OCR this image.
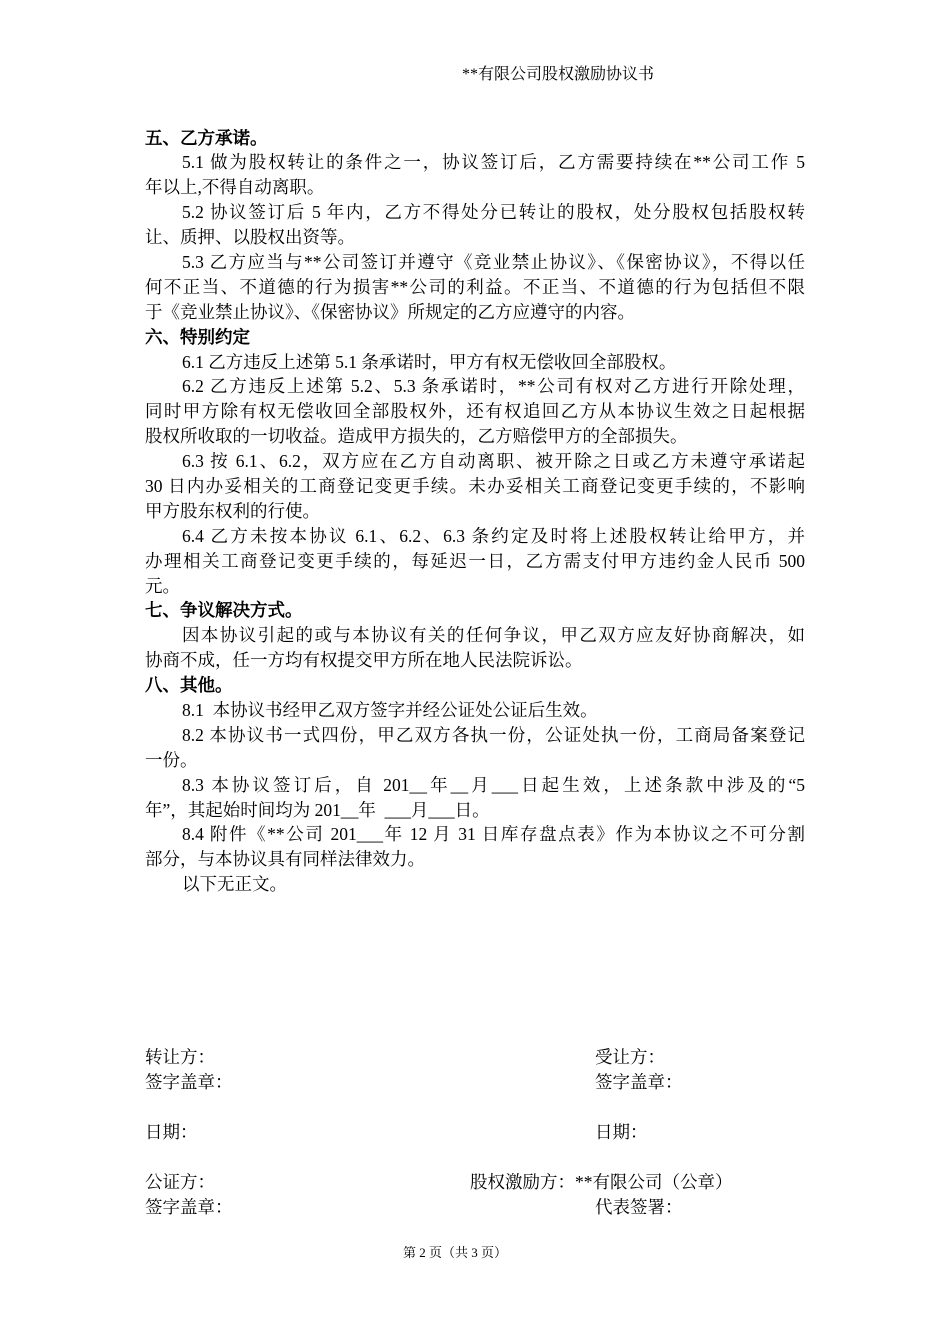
**有限公司股权激励协议书
五、乙方承诺。
5.1 做为股权转让的条件之一，协议签订后，乙方需要持续在**公司工作 5
年以上,不得自动离职。
5.2 协议签订后 5 年内，乙方不得处分已转让的股权，处分股权包括股权转
让、质押、以股权出资等。
5.3 乙方应当与**公司签订并遵守《竞业禁止协议》、《保密协议》，不得以任
何不正当、不道德的行为损害**公司的利益。不正当、不道德的行为包括但不限
于《竞业禁止协议》、《保密协议》所规定的乙方应遵守的内容。
六、特别约定
6.1 乙方违反上述第 5.1 条承诺时，甲方有权无偿收回全部股权。
6.2 乙方违反上述第 5.2、5.3 条承诺时，**公司有权对乙方进行开除处理，
同时甲方除有权无偿收回全部股权外，还有权追回乙方从本协议生效之日起根据
股权所收取的一切收益。造成甲方损失的，乙方赔偿甲方的全部损失。
6.3 按 6.1、6.2，双方应在乙方自动离职、被开除之日或乙方未遵守承诺起
30 日内办妥相关的工商登记变更手续。未办妥相关工商登记变更手续的，不影响
甲方股东权利的行使。
6.4 乙方未按本协议 6.1、6.2、6.3 条约定及时将上述股权转让给甲方，并
办理相关工商登记变更手续的，每延迟一日，乙方需支付甲方违约金人民币 500
元。
七、争议解决方式。
因本协议引起的或与本协议有关的任何争议，甲乙双方应友好协商解决，如
协商不成，任一方均有权提交甲方所在地人民法院诉讼。
八、其他。
8.1  本协议书经甲乙双方签字并经公证处公证后生效。
8.2 本协议书一式四份，甲乙双方各执一份，公证处执一份，工商局备案登记
一份。
8.3 本协议签订后，自 201__年__月___日起生效，上述条款中涉及的“5
年”，其起始时间均为 201__年  ___月___日。
8.4 附件《**公司 201___年 12 月 31 日库存盘点表》作为本协议之不可分割
部分，与本协议具有同样法律效力。
以下无正文。
转让方：	受让方：
签字盖章：	签字盖章：
日期：	日期：
公证方：	股权激励方：**有限公司（公章）
签字盖章：	代表签署：
第 2 页（共 3 页）
